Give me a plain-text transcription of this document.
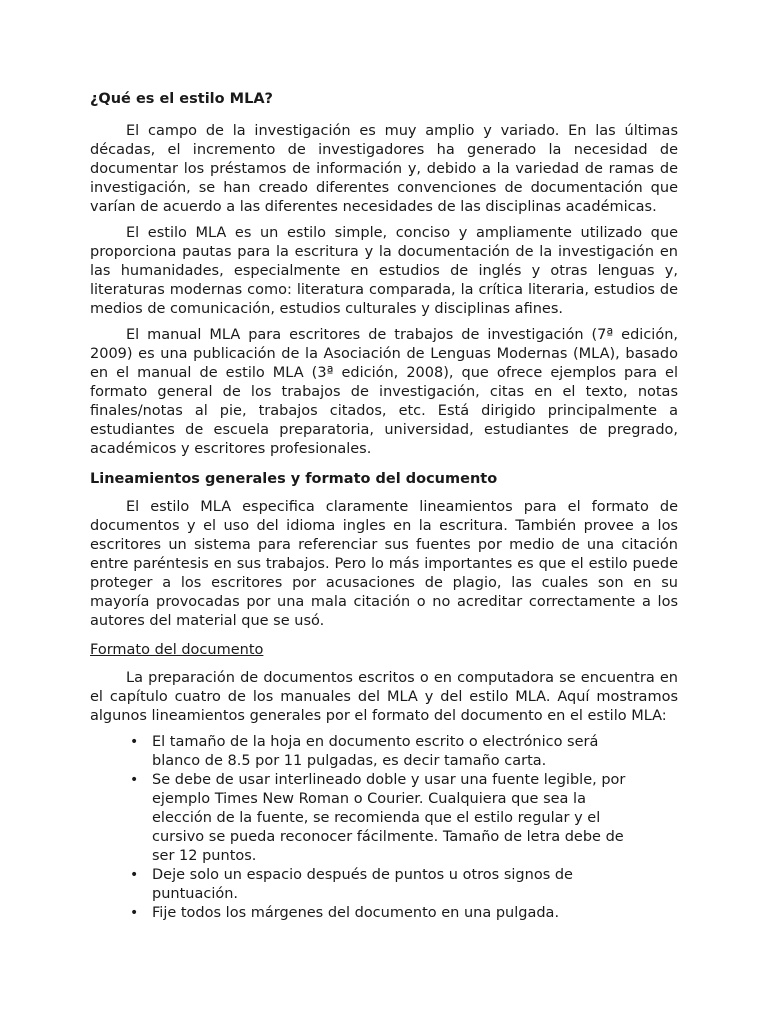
¿Qué es el estilo MLA?

El campo de la investigación es muy amplio y variado. En las últimas décadas, el incremento de investigadores ha generado la necesidad de documentar los préstamos de información y, debido a la variedad de ramas de investigación, se han creado diferentes convenciones de documentación que varían de acuerdo a las diferentes necesidades de las disciplinas académicas.

El estilo MLA es un estilo simple, conciso y ampliamente utilizado que proporciona pautas para la escritura y la documentación de la investigación en las humanidades, especialmente en estudios de inglés y otras lenguas y, literaturas modernas como: literatura comparada, la crítica literaria, estudios de medios de comunicación, estudios culturales y disciplinas afines.

El manual MLA para escritores de trabajos de investigación (7ª edición, 2009) es una publicación de la Asociación de Lenguas Modernas (MLA), basado en el manual de estilo MLA (3ª edición, 2008), que ofrece ejemplos para el formato general de los trabajos de investigación, citas en el texto, notas finales/notas al pie, trabajos citados, etc. Está dirigido principalmente a estudiantes de escuela preparatoria, universidad, estudiantes de pregrado, académicos y escritores profesionales.

Lineamientos generales y formato del documento

El estilo MLA especifica claramente lineamientos para el formato de documentos y el uso del idioma ingles en la escritura. También provee a los escritores un sistema para referenciar sus fuentes por medio de una citación entre paréntesis en sus trabajos. Pero lo más importantes es que el estilo puede proteger a los escritores por acusaciones de plagio, las cuales son en su mayoría provocadas por una mala citación o no acreditar correctamente a los autores del material que se usó.

Formato del documento

La preparación de documentos escritos o en computadora se encuentra en el capítulo cuatro de los manuales del MLA y del estilo MLA. Aquí mostramos algunos lineamientos generales por el formato del documento en el estilo MLA:

• El tamaño de la hoja en documento escrito o electrónico será blanco de 8.5 por 11 pulgadas, es decir tamaño carta.
• Se debe de usar interlineado doble y usar una fuente legible, por ejemplo Times New Roman o Courier. Cualquiera que sea la elección de la fuente, se recomienda que el estilo regular y el cursivo se pueda reconocer fácilmente. Tamaño de letra debe de ser 12 puntos.
• Deje solo un espacio después de puntos u otros signos de puntuación.
• Fije todos los márgenes del documento en una pulgada.
